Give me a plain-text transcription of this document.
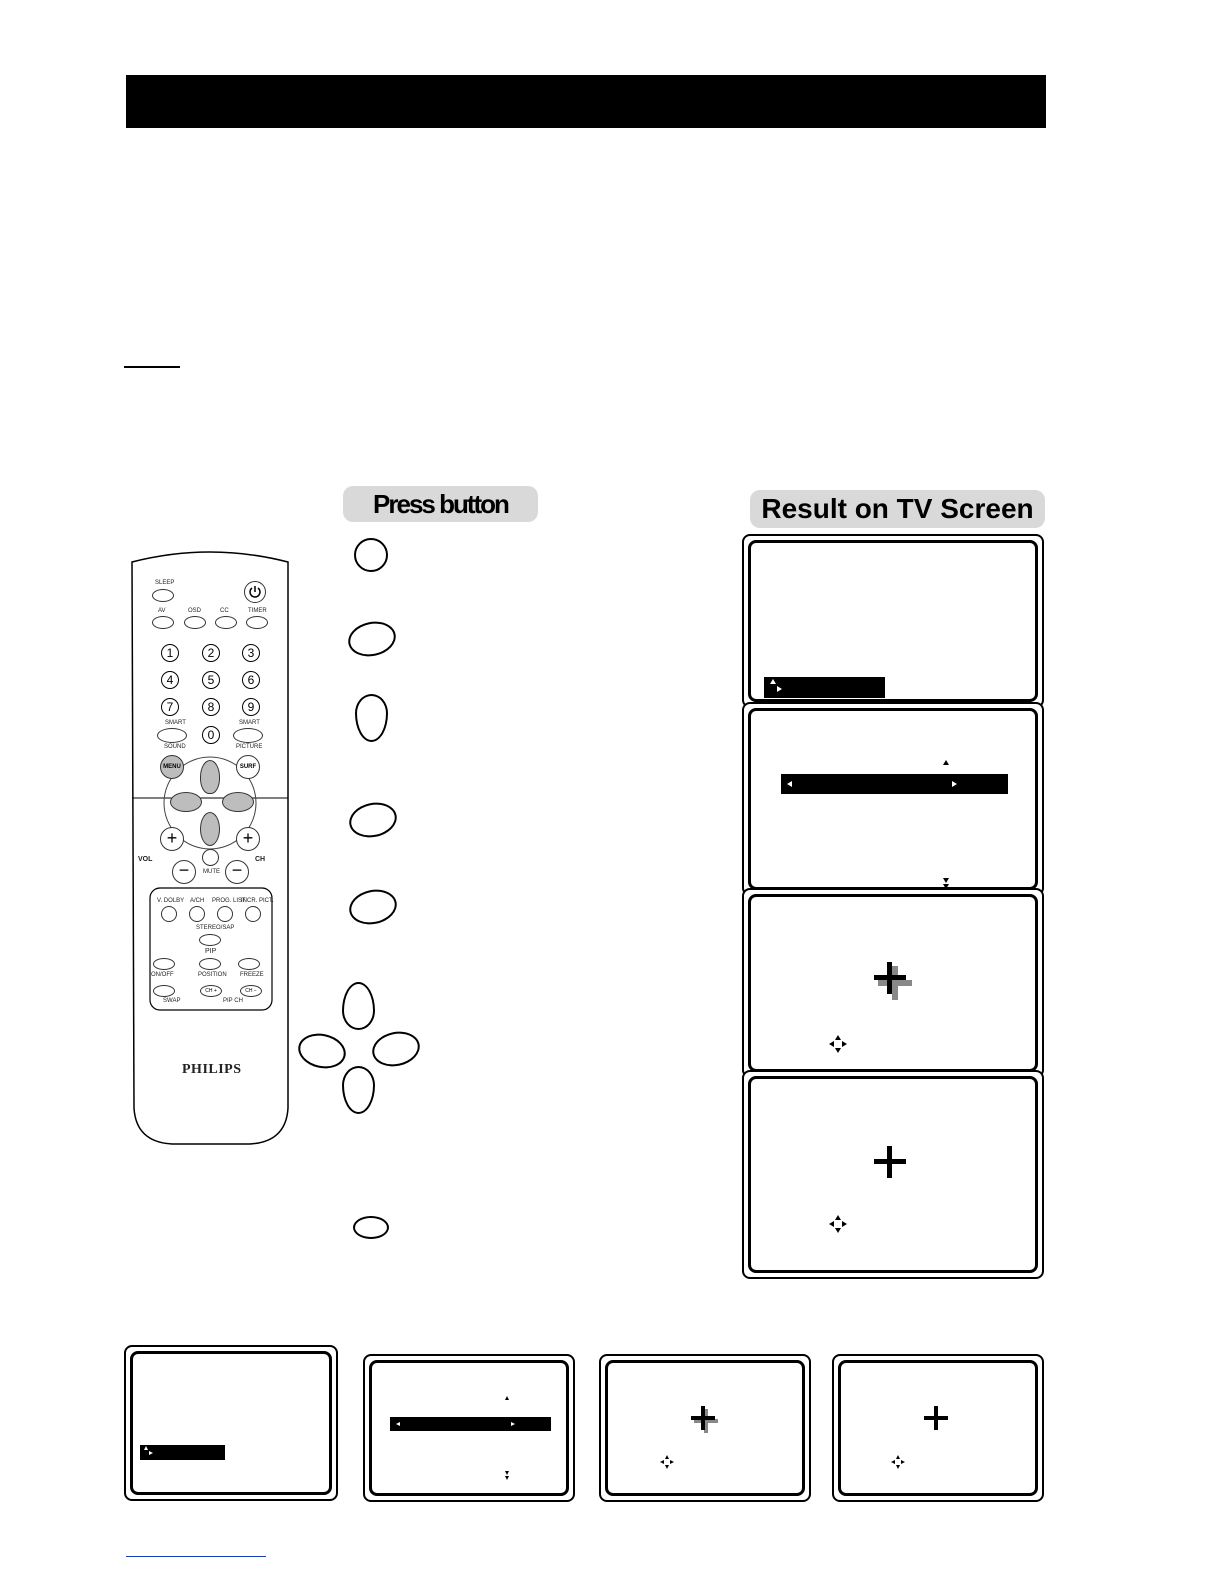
Press button	Result on TV Screen
SLEEP
AV	OSD	CC	TIMER
1	2	3
4	5	6
7	8	9
SMART
SOUND
0
SMART
PICTURE
MENU	SURF
+	+
VOL	CH
MUTE
−	−
V. DOLBY A/CH PROG. LIST
INCR. PICT.
STEREO/SAP
PIP
ON/OFF	POSITION FREEZE
CH +	CH −
SWAP	PIP CH
PHILIPS
